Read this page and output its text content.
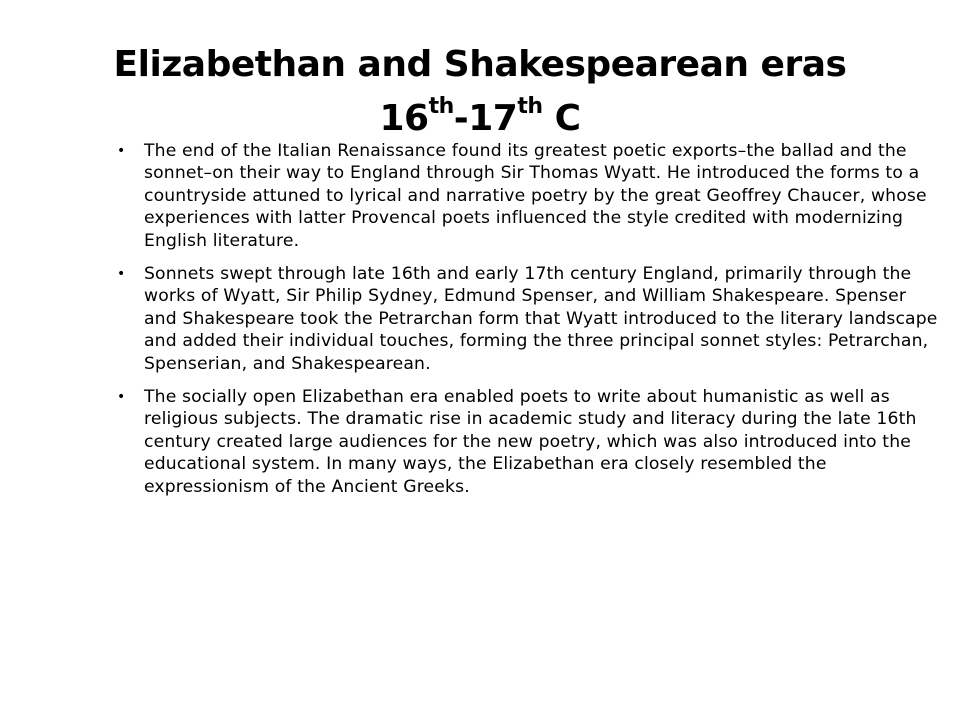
Elizabethan and Shakespearean eras
16th-17th C
• The end of the Italian Renaissance found its greatest poetic exports–the ballad and the sonnet–on their way to England through Sir Thomas Wyatt. He introduced the forms to a countryside attuned to lyrical and narrative poetry by the great Geoffrey Chaucer, whose experiences with latter Provencal poets influenced the style credited with modernizing English literature.
• Sonnets swept through late 16th and early 17th century England, primarily through the works of Wyatt, Sir Philip Sydney, Edmund Spenser, and William Shakespeare. Spenser and Shakespeare took the Petrarchan form that Wyatt introduced to the literary landscape and added their individual touches, forming the three principal sonnet styles: Petrarchan, Spenserian, and Shakespearean.
• The socially open Elizabethan era enabled poets to write about humanistic as well as religious subjects. The dramatic rise in academic study and literacy during the late 16th century created large audiences for the new poetry, which was also introduced into the educational system. In many ways, the Elizabethan era closely resembled the expressionism of the Ancient Greeks.
